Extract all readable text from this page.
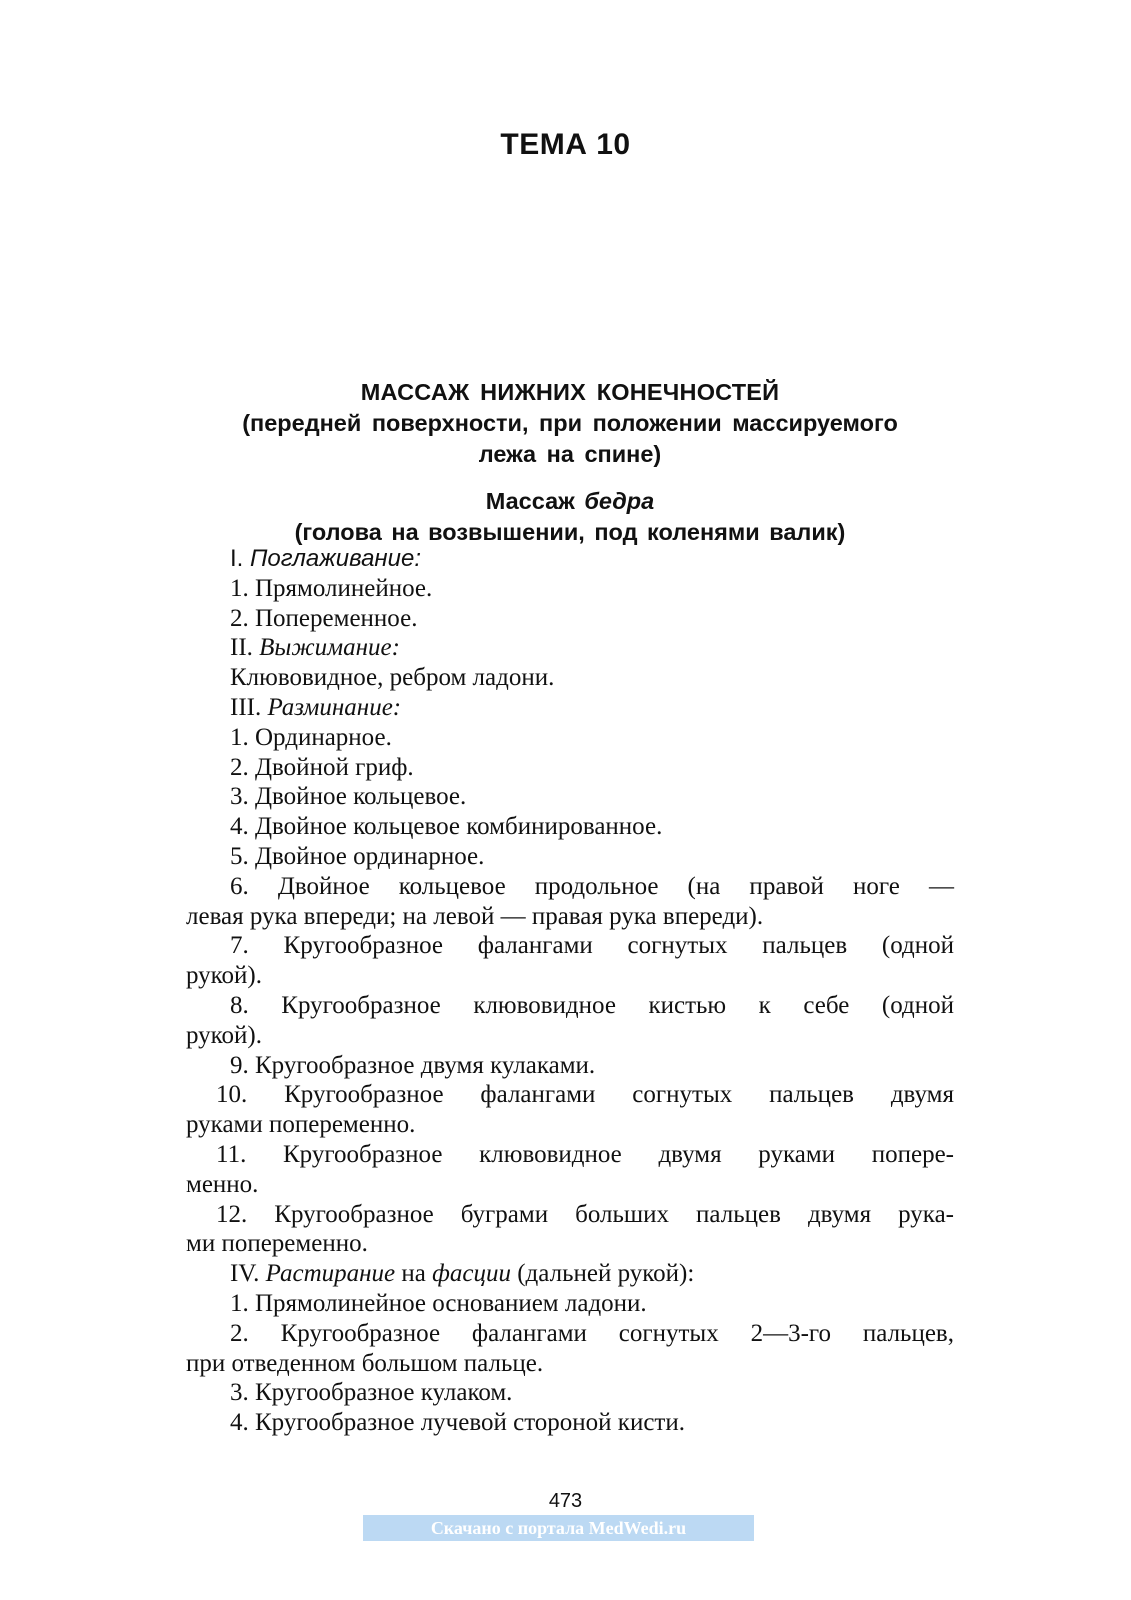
ТЕМА 10
МАССАЖ НИЖНИХ КОНЕЧНОСТЕЙ
(передней поверхности, при положении массируемого
лежа на спине)
Массаж бедра
(голова на возвышении, под коленями валик)
I. Поглаживание:
1. Прямолинейное.
2. Попеременное.
II. Выжимание:
Клювовидное, ребром ладони.
III. Разминание:
1. Ординарное.
2. Двойной гриф.
3. Двойное кольцевое.
4. Двойное кольцевое комбинированное.
5. Двойное ординарное.
6. Двойное кольцевое продольное (на правой ноге —
левая рука впереди; на левой — правая рука впереди).
7. Кругообразное фалангами согнутых пальцев (одной
рукой).
8. Кругообразное клювовидное кистью к себе (одной
рукой).
9. Кругообразное двумя кулаками.
10. Кругообразное фалангами согнутых пальцев двумя
руками попеременно.
11. Кругообразное клювовидное двумя руками попере-
менно.
12. Кругообразное буграми больших пальцев двумя рука-
ми попеременно.
IV. Растирание на фасции (дальней рукой):
1. Прямолинейное основанием ладони.
2. Кругообразное фалангами согнутых 2—3-го пальцев,
при отведенном большом пальце.
3. Кругообразное кулаком.
4. Кругообразное лучевой стороной кисти.
473
Скачано с портала MedWedi.ru
